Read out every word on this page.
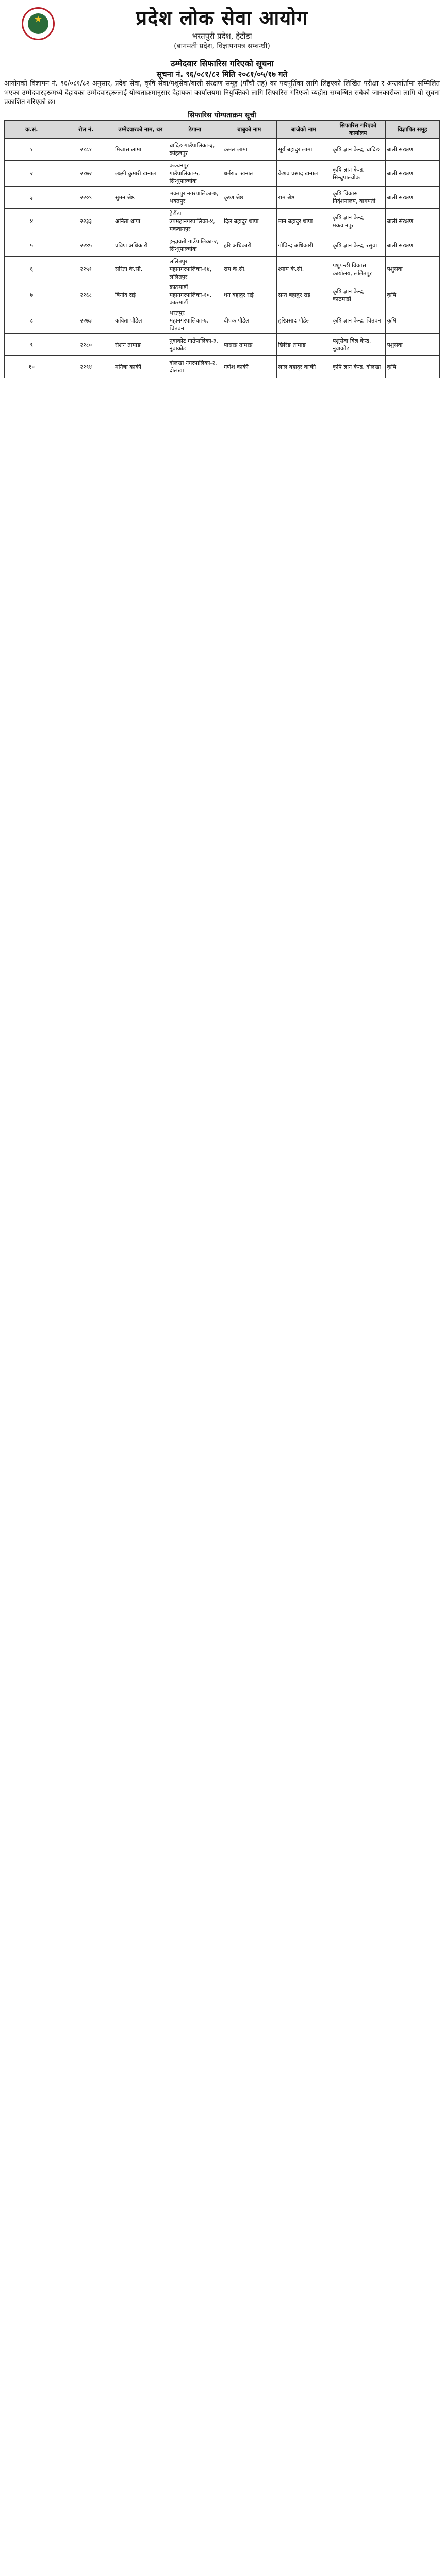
★	प्रदेश लोक सेवा आयोग
भरतपुरी प्रदेश, हेटौंडा
(बागमती प्रदेश, विज्ञापनपत्र सम्बन्धी)
उम्मेदवार सिफारिस गरिएको सूचना
सूचना नं. ९६/०८१/८२ मिति २०८१/०५/१७ गते
आयोगको विज्ञापन नं. ९६/०८१/८२ अनुसार, प्रदेश सेवा, कृषि सेवा/पशुसेवा/बाली संरक्षण समूह (पाँचौं तह) का पदपूर्तिका लागि लिइएको लिखित परीक्षा र अन्तर्वार्तामा सम्मिलित भएका उम्मेदवारहरूमध्ये देहायका उम्मेदवारहरूलाई योग्यताक्रमानुसार देहायका कार्यालयमा नियुक्तिको लागि सिफारिस गरिएको व्यहोरा सम्बन्धित सबैको जानकारीका लागि यो सूचना प्रकाशित गरिएको छ।
सिफारिस योग्यताक्रम सूची
क्र.सं.	रोल नं.	उम्मेदवारको नाम, थर	ठेगाना	बाबुको नाम	बाजेको नाम	सिफारिस गरिएको कार्यालय	विज्ञापित समूह
१	२१८१	मिजास लामा	धादिङ गाउँपालिका-३, कोहलपुर	कमल लामा	सूर्य बहादुर लामा	कृषि ज्ञान केन्द्र, धादिङ	बाली संरक्षण
२	२१७२	लक्ष्मी कुमारी खनाल	कञ्चनपुर गाउँपालिका-५, सिन्धुपाल्चोक	धर्मराज खनाल	केशव प्रसाद खनाल	कृषि ज्ञान केन्द्र, सिन्धुपाल्चोक	बाली संरक्षण
३	२२०९	सुमन श्रेष्ठ	भक्तपुर नगरपालिका-७, भक्तपुर	कृष्ण श्रेष्ठ	राम श्रेष्ठ	कृषि विकास निर्देशनालय, बागमती	बाली संरक्षण
४	२२३३	अनिता थापा	हेटौंडा उपमहानगरपालिका-४, मकवानपुर	दिल बहादुर थापा	मान बहादुर थापा	कृषि ज्ञान केन्द्र, मकवानपुर	बाली संरक्षण
५	२२४५	प्रविण अधिकारी	इन्द्रावती गाउँपालिका-२, सिन्धुपाल्चोक	हरि अधिकारी	गोविन्द अधिकारी	कृषि ज्ञान केन्द्र, रसुवा	बाली संरक्षण
६	२२५१	सरिता के.सी.	ललितपुर महानगरपालिका-१४, ललितपुर	राम के.सी.	श्याम के.सी.	पशुपन्छी विकास कार्यालय, ललितपुर	पशुसेवा
७	२२६८	बिनोद राई	काठमाडौं महानगरपालिका-१०, काठमाडौं	धन बहादुर राई	सन्त बहादुर राई	कृषि ज्ञान केन्द्र, काठमाडौं	कृषि
८	२२७३	कविता पौडेल	भरतपुर महानगरपालिका-६, चितवन	दीपक पौडेल	हरिप्रसाद पौडेल	कृषि ज्ञान केन्द्र, चितवन	कृषि
९	२२८०	रोशन तामाङ	नुवाकोट गाउँपालिका-३, नुवाकोट	पासाङ तामाङ	छिरिङ तामाङ	पशुसेवा विज्ञ केन्द्र, नुवाकोट	पशुसेवा
१०	२२९४	मनिषा कार्की	दोलखा नगरपालिका-२, दोलखा	गणेश कार्की	लाल बहादुर कार्की	कृषि ज्ञान केन्द्र, दोलखा	कृषि
